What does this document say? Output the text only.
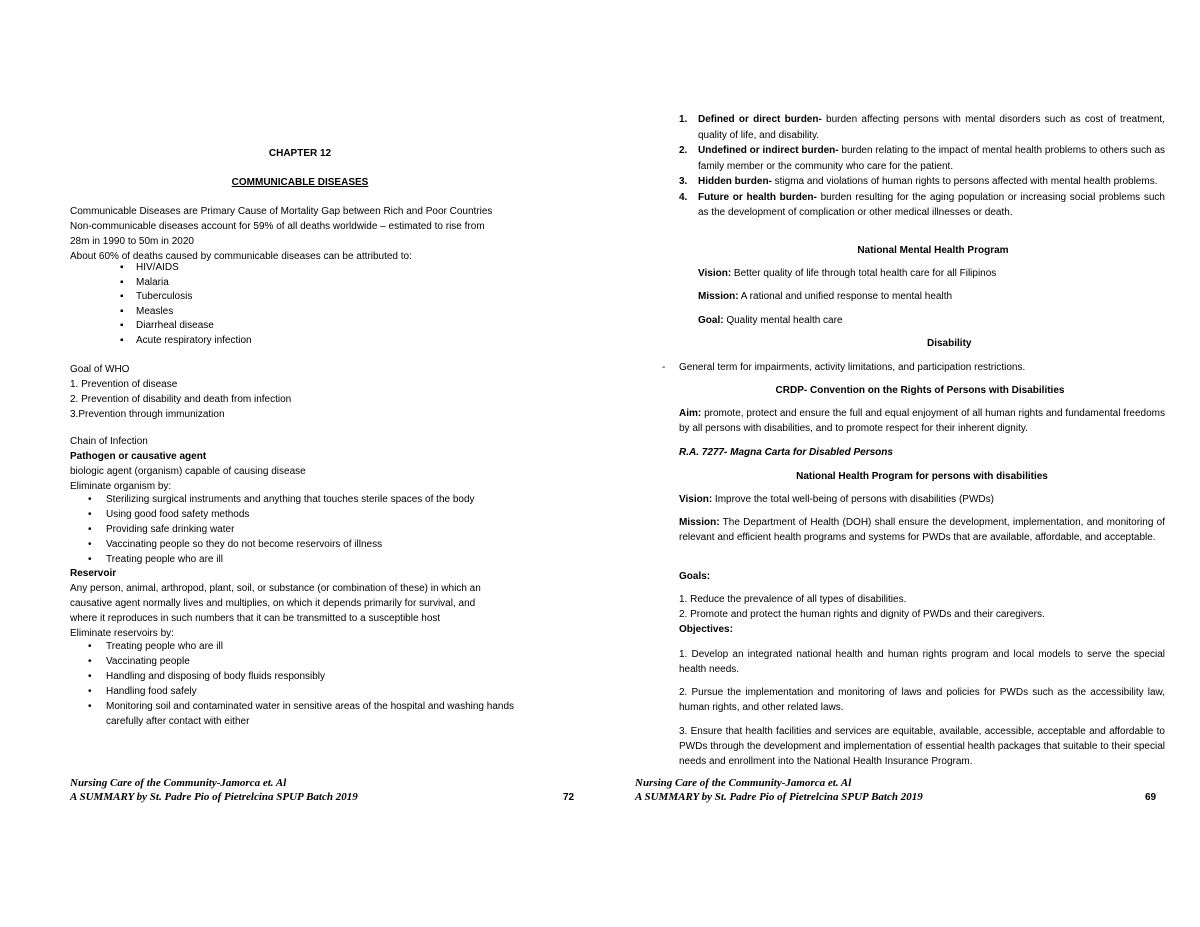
CHAPTER 12
COMMUNICABLE DISEASES

Communicable Diseases are Primary Cause of Mortality Gap between Rich and Poor Countries

Non-communicable diseases account for 59% of all deaths worldwide – estimated to rise from

28m in 1990 to 50m in 2020

About 60% of deaths caused by communicable diseases can be attributed to:

▪ HIV/AIDS
▪ Malaria
▪ Tuberculosis
▪ Measles
▪ Diarrheal disease
▪ Acute respiratory infection

Goal of WHO

1. Prevention of disease

2. Prevention of disability and death from infection

3.Prevention through immunization

Chain of Infection

Pathogen or causative agent

biologic agent (organism) capable of causing disease

Eliminate organism by:

• Sterilizing surgical instruments and anything that touches sterile spaces of the body
• Using good food safety methods
• Providing safe drinking water
• Vaccinating people so they do not become reservoirs of illness
• Treating people who are ill

Reservoir

Any person, animal, arthropod, plant, soil, or substance (or combination of these) in which an

causative agent normally lives and multiplies, on which it depends primarily for survival, and

where it reproduces in such numbers that it can be transmitted to a susceptible host

Eliminate reservoirs by:

• Treating people who are ill
• Vaccinating people
• Handling and disposing of body fluids responsibly
• Handling food safely
• Monitoring soil and contaminated water in sensitive areas of the hospital and washing hands carefully after contact with either
Nursing Care of the Community-Jamorca et. Al
A SUMMARY by St. Padre Pio of Pietrelcina SPUP Batch 2019	72
1. Defined or direct burden- burden affecting persons with mental disorders such as cost of treatment, quality of life, and disability.
2. Undefined or indirect burden- burden relating to the impact of mental health problems to others such as family member or the community who care for the patient.
3. Hidden burden- stigma and violations of human rights to persons affected with mental health problems.
4. Future or health burden- burden resulting for the aging population or increasing social problems such as the development of complication or other medical illnesses or death.
National Mental Health Program
Vision: Better quality of life through total health care for all Filipinos
Mission: A rational and unified response to mental health
Goal: Quality mental health care
Disability
- General term for impairments, activity limitations, and participation restrictions.
CRDP- Convention on the Rights of Persons with Disabilities
Aim: promote, protect and ensure the full and equal enjoyment of all human rights and fundamental freedoms by all persons with disabilities, and to promote respect for their inherent dignity.
R.A. 7277- Magna Carta for Disabled Persons
National Health Program for persons with disabilities
Vision: Improve the total well-being of persons with disabilities (PWDs)
Mission: The Department of Health (DOH) shall ensure the development, implementation, and monitoring of relevant and efficient health programs and systems for PWDs that are available, affordable, and acceptable.
Goals:

1. Reduce the prevalence of all types of disabilities.

2. Promote and protect the human rights and dignity of PWDs and their caregivers.

Objectives:

1. Develop an integrated national health and human rights program and local models to serve the special health needs.
2. Pursue the implementation and monitoring of laws and policies for PWDs such as the accessibility law, human rights, and other related laws.
3. Ensure that health facilities and services are equitable, available, accessible, acceptable and affordable to PWDs through the development and implementation of essential health packages that suitable to their special needs and enrollment into the National Health Insurance Program.
Nursing Care of the Community-Jamorca et. Al
A SUMMARY by St. Padre Pio of Pietrelcina SPUP Batch 2019	69
